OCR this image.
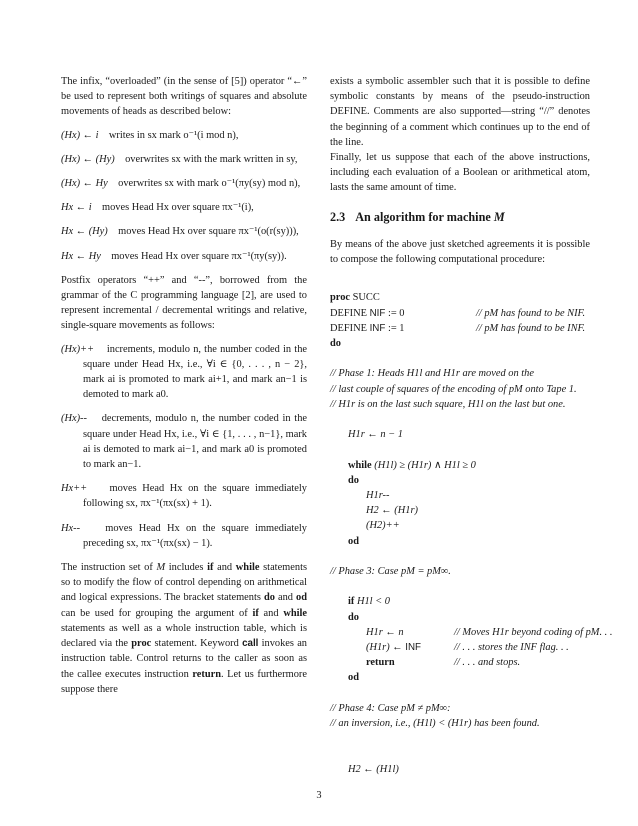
The infix, “overloaded” (in the sense of [5]) operator “←” be used to represent both writings of squares and absolute movements of heads as described below:

(Hx) ← i writes in sx mark o⁻¹(i mod n),
(Hx) ← (Hy) overwrites sx with the mark written in sy,
(Hx) ← Hy overwrites sx with mark o⁻¹(πy(sy) mod n),
Hx ← i moves Head Hx over square πx⁻¹(i),
Hx ← (Hy) moves Head Hx over square πx⁻¹(o(r(sy))),
Hx ← Hy moves Head Hx over square πx⁻¹(πy(sy)).

Postfix operators “++” and “--”, borrowed from the grammar of the C programming language [2], are used to represent incremental / decremental writings and relative, single-square movements as follows:

(Hx)++ increments, modulo n, the number coded in the square under Head Hx, i.e., ∀i ∈ {0, . . . , n − 2}, mark ai is promoted to mark ai+1, and mark an−1 is demoted to mark a0.
(Hx)-- decrements, modulo n, the number coded in the square under Head Hx, i.e., ∀i ∈ {1, . . . , n−1}, mark ai is demoted to mark ai−1, and mark a0 is promoted to mark an−1.
Hx++ moves Head Hx on the square immediately following sx, πx⁻¹(πx(sx) + 1).
Hx-- moves Head Hx on the square immediately preceding sx, πx⁻¹(πx(sx) − 1).

The instruction set of M includes if and while statements so to modify the flow of control depending on arithmetical and logical expressions. The bracket statements do and od can be used for grouping the argument of if and while statements as well as a whole instruction table, which is declared via the proc statement. Keyword call invokes an instruction table. Control returns to the caller as soon as the callee executes instruction return. Let us furthermore suppose there

exists a symbolic assembler such that it is possible to define symbolic constants by means of the pseudo-instruction DEFINE. Comments are also supported—string “//” denotes the beginning of a comment which continues up to the end of the line.

Finally, let us suppose that each of the above instructions, including each evaluation of a Boolean or arithmetical atom, lasts the same amount of time.

2.3 An algorithm for machine M

By means of the above just sketched agreements it is possible to compose the following computational procedure:

proc SUCC
DEFINE NIF := 0	// pM has found to be NIF.
DEFINE INF := 1	// pM has found to be INF.
do
// Phase 1: Heads H1l and H1r are moved on the
// last couple of squares of the encoding of pM onto Tape 1.
// H1r is on the last such square, H1l on the last but one.
H1r ← n − 1
while (H1l) ≥ (H1r) ∧ H1l ≥ 0
do
H1r--
H2 ← (H1r)
(H2)++
od
// Phase 3: Case pM = pM∞.
if H1l < 0
do
H1r ← n	// Moves H1r beyond coding of pM. . .
(H1r) ← INF	// . . . stores the INF flag. . .
return	// . . . and stops.
od
// Phase 4: Case pM ≠ pM∞:
// an inversion, i.e., (H1l) < (H1r) has been found.
H2 ← (H1l)
3
